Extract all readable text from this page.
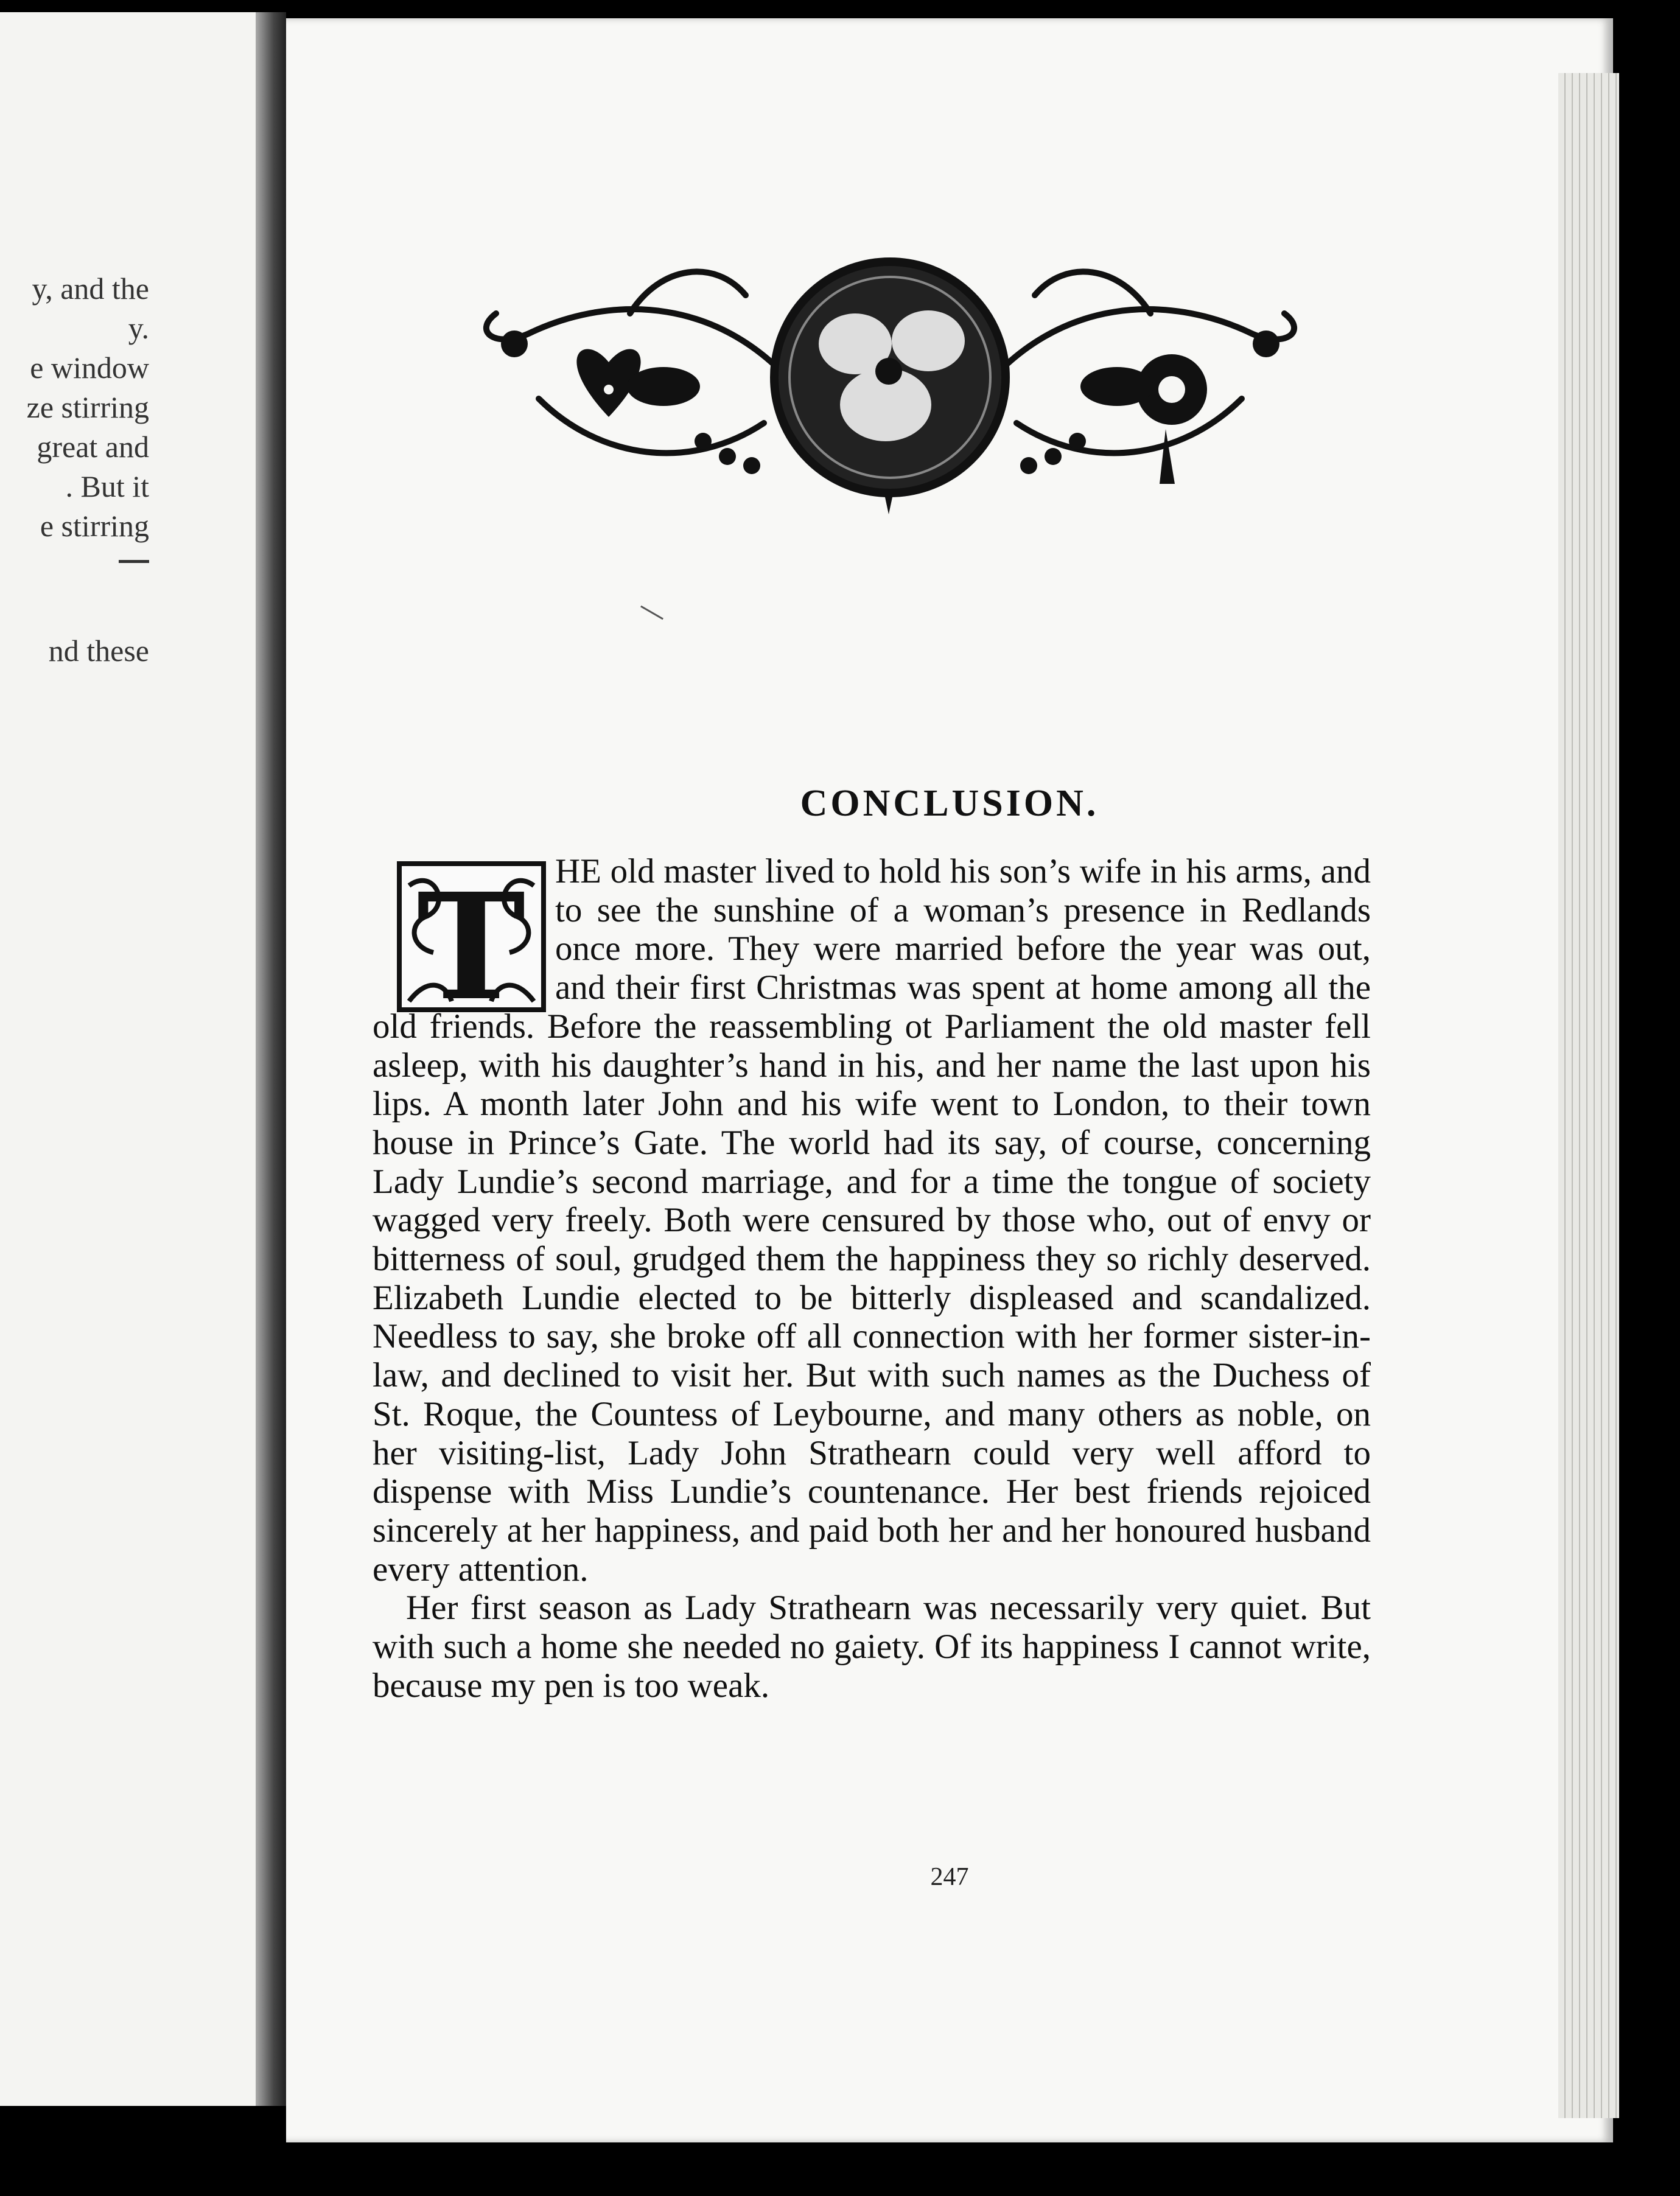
y, and the

y.

e window

ze stirring

great and

. But it

e stirring

nd these

CONCLUSION.
T HE old master lived to hold his son’s wife in his arms, and to see the sunshine of a woman’s presence in Redlands once more. They were married before the year was out, and their first Christmas was spent at home among all the old friends. Before the reassembling ot Parliament the old master fell asleep, with his daughter’s hand in his, and her name the last upon his lips. A month later John and his wife went to London, to their town house in Prince’s Gate. The world had its say, of course, concerning Lady Lundie’s second marriage, and for a time the tongue of society wagged very freely. Both were censured by those who, out of envy or bitterness of soul, grudged them the happiness they so richly deserved. Elizabeth Lundie elected to be bitterly displeased and scandalized. Needless to say, she broke off all connection with her former sister-in-law, and declined to visit her. But with such names as the Duchess of St. Roque, the Countess of Leybourne, and many others as noble, on her visiting-list, Lady John Strathearn could very well afford to dispense with Miss Lundie’s countenance. Her best friends rejoiced sincerely at her happiness, and paid both her and her honoured husband every attention.

Her first season as Lady Strathearn was necessarily very quiet. But with such a home she needed no gaiety. Of its happiness I cannot write, because my pen is too weak.

247
